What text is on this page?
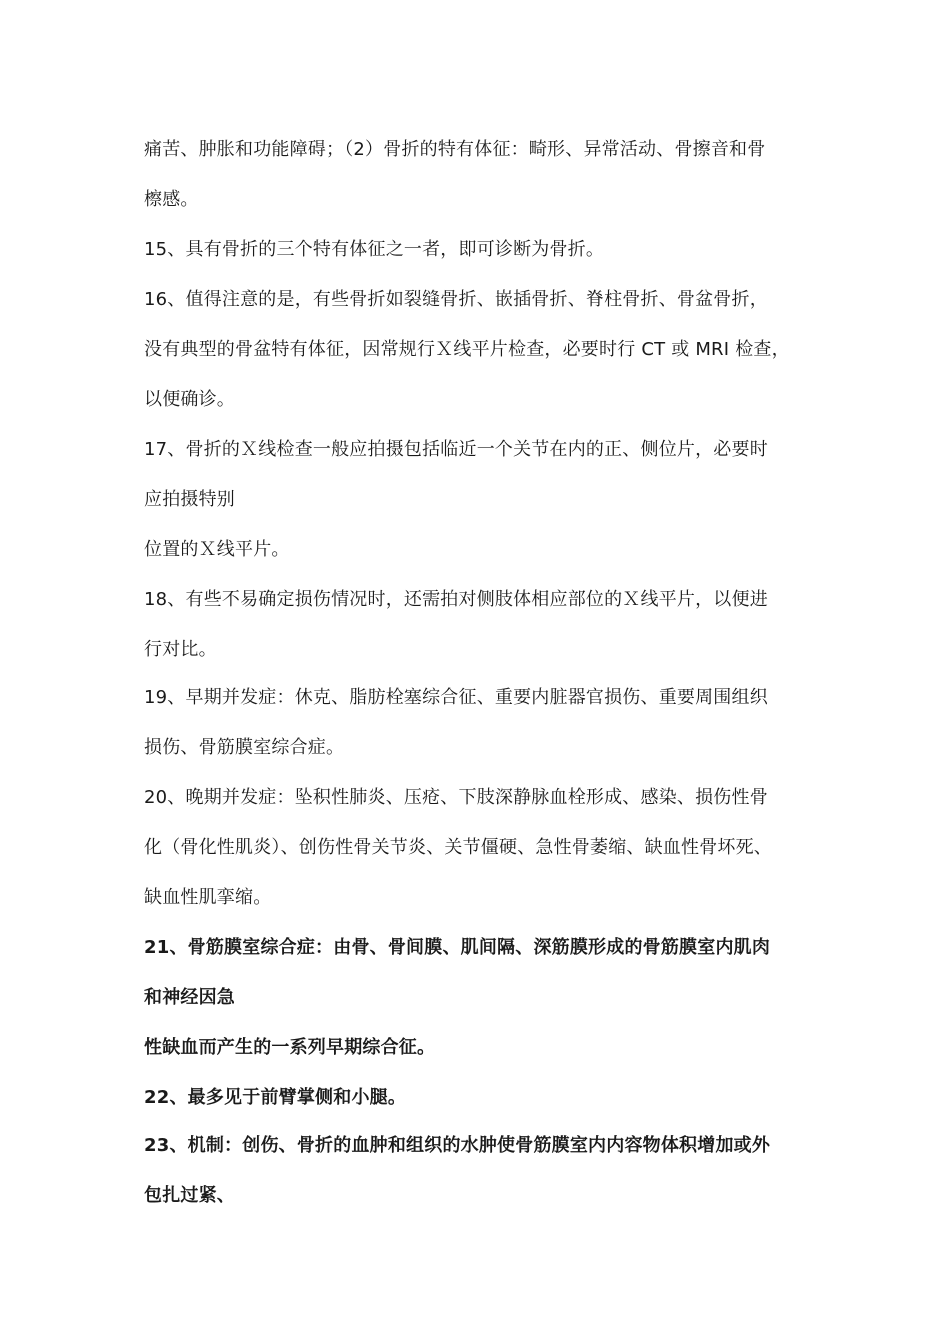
痛苦、肿胀和功能障碍；（2）骨折的特有体征：畸形、异常活动、骨擦音和骨
檫感。
15、具有骨折的三个特有体征之一者，即可诊断为骨折。
16、值得注意的是，有些骨折如裂缝骨折、嵌插骨折、脊柱骨折、骨盆骨折，
没有典型的骨盆特有体征，因常规行Ｘ线平片检查，必要时行 CT 或 MRI 检查，
以便确诊。
17、骨折的Ｘ线检查一般应拍摄包括临近一个关节在内的正、侧位片，必要时
应拍摄特别
位置的Ｘ线平片。
18、有些不易确定损伤情况时，还需拍对侧肢体相应部位的Ｘ线平片，以便进
行对比。
19、早期并发症：休克、脂肪栓塞综合征、重要内脏器官损伤、重要周围组织
损伤、骨筋膜室综合症。
20、晚期并发症：坠积性肺炎、压疮、下肢深静脉血栓形成、感染、损伤性骨
化（骨化性肌炎）、创伤性骨关节炎、关节僵硬、急性骨萎缩、缺血性骨坏死、
缺血性肌挛缩。
21、骨筋膜室综合症：由骨、骨间膜、肌间隔、深筋膜形成的骨筋膜室内肌肉
和神经因急
性缺血而产生的一系列早期综合征。
22、最多见于前臂掌侧和小腿。
23、机制：创伤、骨折的血肿和组织的水肿使骨筋膜室内内容物体积增加或外
包扎过紧、
